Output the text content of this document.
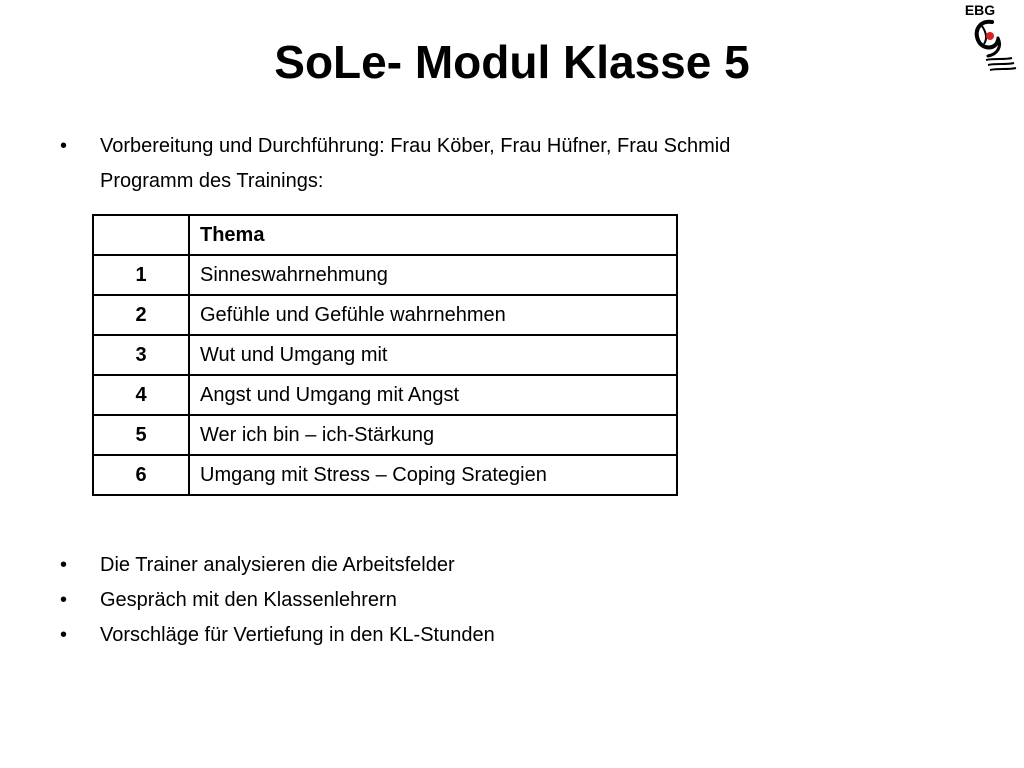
EBG
SoLe- Modul Klasse 5
• Vorbereitung und Durchführung: Frau Köber, Frau Hüfner, Frau Schmid
Programm des Trainings:
	Thema
1	Sinneswahrnehmung
2	Gefühle und Gefühle wahrnehmen
3	Wut und Umgang mit
4	Angst und Umgang mit Angst
5	Wer ich bin – ich-Stärkung
6	Umgang mit Stress – Coping Srategien
• Die Trainer analysieren die Arbeitsfelder
• Gespräch mit den Klassenlehrern
• Vorschläge für Vertiefung in den KL-Stunden
